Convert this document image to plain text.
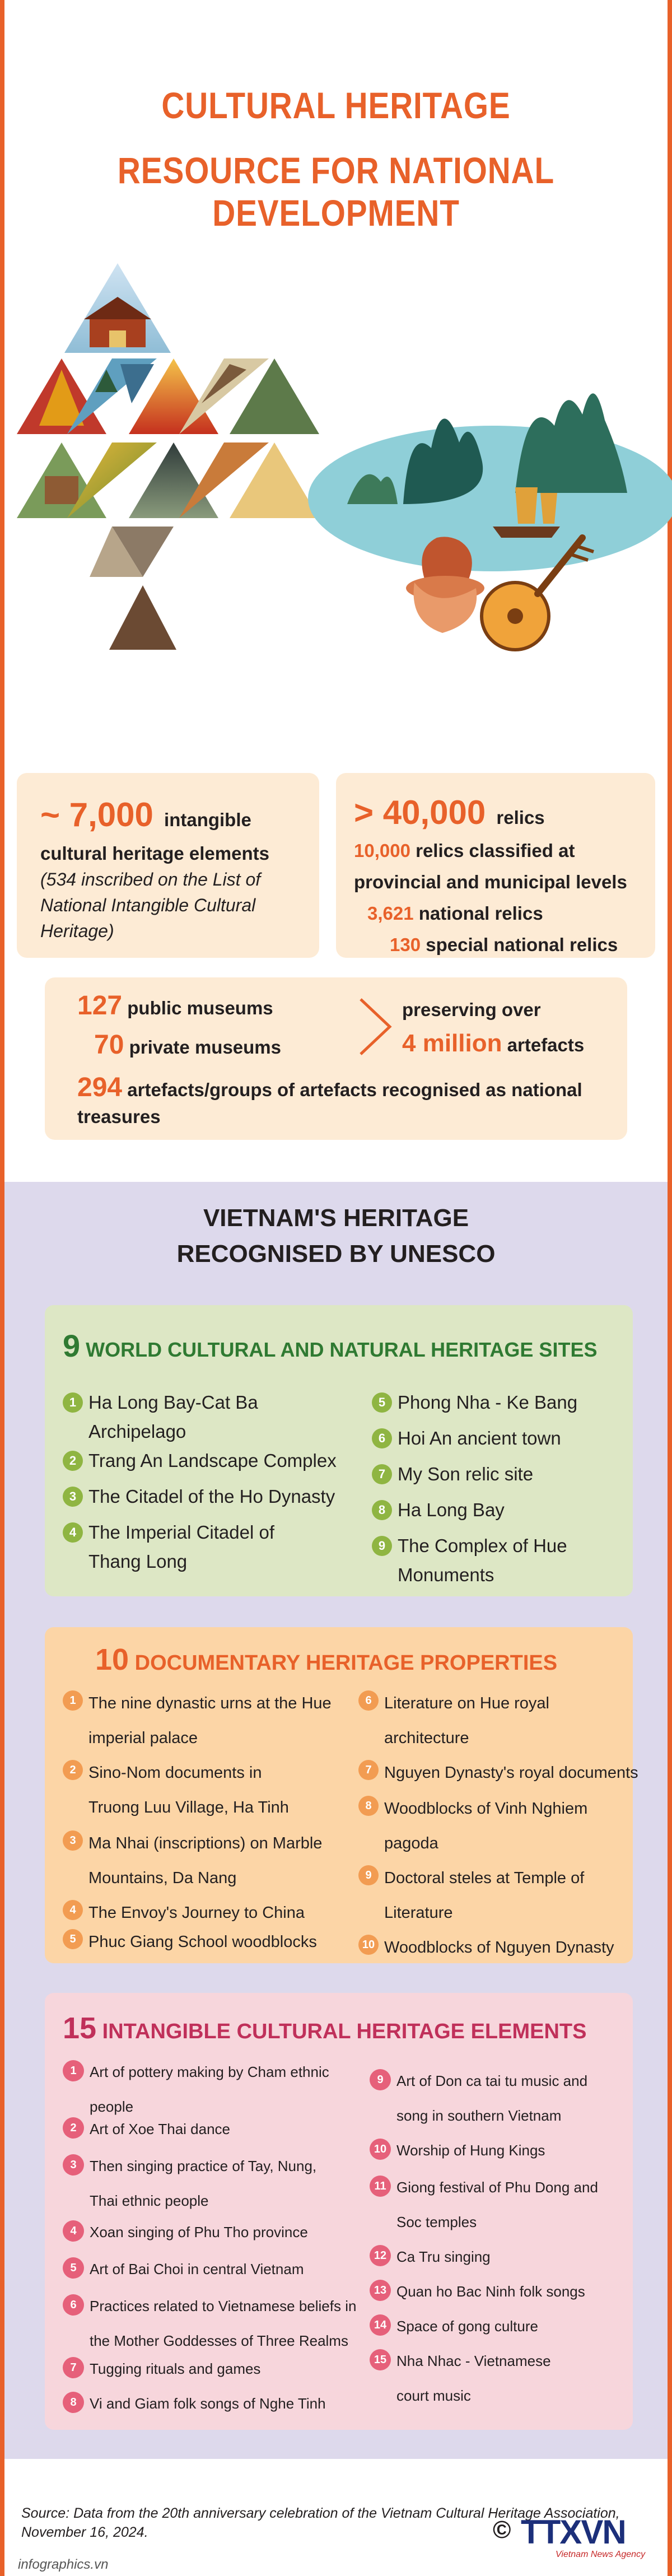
CULTURAL HERITAGE
RESOURCE FOR NATIONAL DEVELOPMENT
~ 7,000 intangible
cultural heritage elements
(534 inscribed on the List of
National Intangible Cultural
Heritage)
> 40,000 relics
10,000 relics classified at
provincial and municipal levels
3,621 national relics
130 special national relics
127 public museums
70 private museums
preserving over
4 million artefacts
294 artefacts/groups of artefacts recognised as national
treasures
VIETNAM'S HERITAGE
RECOGNISED BY UNESCO
9 WORLD CULTURAL AND NATURAL HERITAGE SITES
1 Ha Long Bay-Cat Ba
Archipelago
2 Trang An Landscape Complex
3 The Citadel of the Ho Dynasty
4 The Imperial Citadel of
Thang Long
5 Phong Nha - Ke Bang
6 Hoi An ancient town
7 My Son relic site
8 Ha Long Bay
9 The Complex of Hue
Monuments
10 DOCUMENTARY HERITAGE PROPERTIES
1 The nine dynastic urns at the Hue
imperial palace
2 Sino-Nom documents in
Truong Luu Village, Ha Tinh
3 Ma Nhai (inscriptions) on Marble
Mountains, Da Nang
4 The Envoy's Journey to China
5 Phuc Giang School woodblocks
6 Literature on Hue royal
architecture
7 Nguyen Dynasty's royal documents
8 Woodblocks of Vinh Nghiem
pagoda
9 Doctoral steles at Temple of
Literature
10 Woodblocks of Nguyen Dynasty
15 INTANGIBLE CULTURAL HERITAGE ELEMENTS
1 Art of pottery making by Cham ethnic
people
2 Art of Xoe Thai dance
3 Then singing practice of Tay, Nung,
Thai ethnic people
4 Xoan singing of Phu Tho province
5 Art of Bai Choi in central Vietnam
6 Practices related to Vietnamese beliefs in
the Mother Goddesses of Three Realms
7 Tugging rituals and games
8 Vi and Giam folk songs of Nghe Tinh
9 Art of Don ca tai tu music and
song in southern Vietnam
10 Worship of Hung Kings
11 Giong festival of Phu Dong and
Soc temples
12 Ca Tru singing
13 Quan ho Bac Ninh folk songs
14 Space of gong culture
15 Nha Nhac - Vietnamese
court music
Source: Data from the 20th anniversary celebration of the Vietnam Cultural Heritage Association,
November 16, 2024.
infographics.vn
© TTXVN
Vietnam News Agency
